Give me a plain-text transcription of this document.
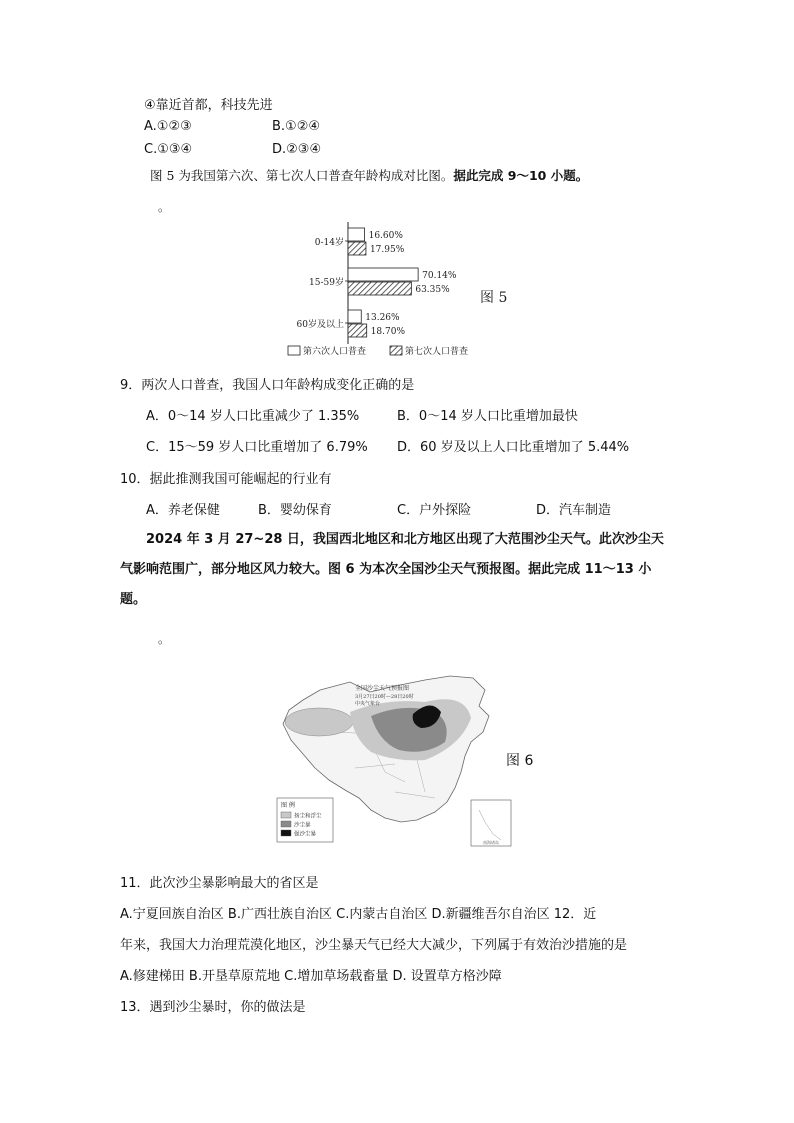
④靠近首都，科技先进
A.①②③	B.①②④
C.①③④	D.②③④
图 5 为我国第六次、第七次人口普查年龄构成对比图。据此完成 9～10 小题。
。
0-14岁
16.60%
17.95%
15-59岁
70.14%
63.35%
60岁及以上
13.26%
18.70%
第六次人口普查	第七次人口普查
图 5
9．两次人口普查，我国人口年龄构成变化正确的是
A．0～14 岁人口比重减少了 1.35%	B．0～14 岁人口比重增加最快
C．15～59 岁人口比重增加了 6.79% D．60 岁及以上人口比重增加了 5.44%
10．据此推测我国可能崛起的行业有
A．养老保健	B．婴幼保育	C．户外探险	D．汽车制造
2024 年 3 月 27~28 日，我国西北地区和北方地区出现了大范围沙尘天气。此次沙尘天
气影响范围广，部分地区风力较大。图 6 为本次全国沙尘天气预报图。据此完成 11～13 小
题。
。
全国沙尘天气预报图
3月27日20时—28日20时
中央气象台
图 例
扬尘和浮尘
沙尘暴
强沙尘暴
南海诸岛
图 6
11．此次沙尘暴影响最大的省区是
A.宁夏回族自治区 B.广西壮族自治区 C.内蒙古自治区 D.新疆维吾尔自治区 12．近
年来，我国大力治理荒漠化地区，沙尘暴天气已经大大减少，下列属于有效治沙措施的是
A.修建梯田 B.开垦草原荒地 C.增加草场载畜量 D. 设置草方格沙障
13．遇到沙尘暴时，你的做法是
